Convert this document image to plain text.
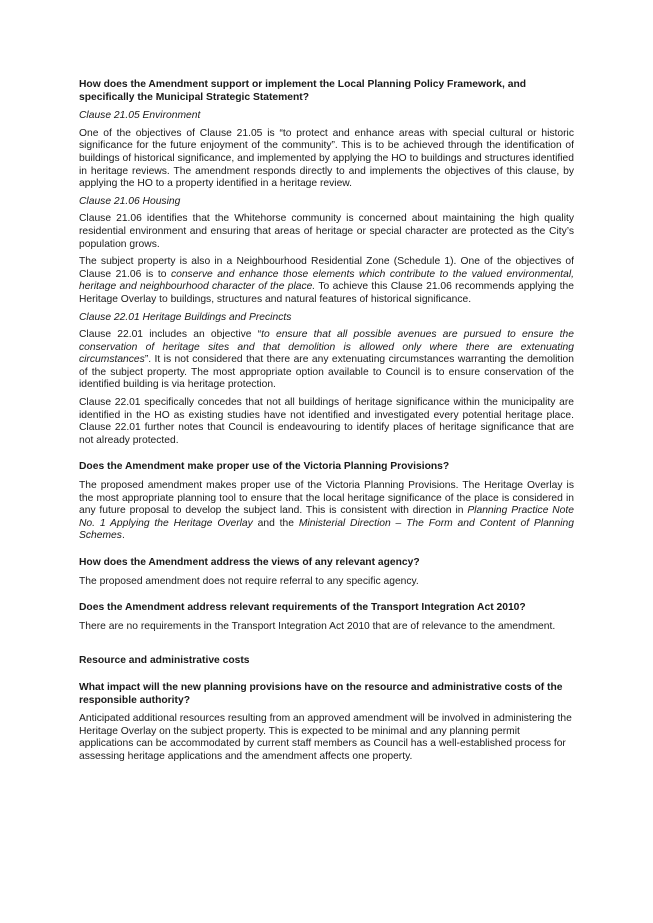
How does the Amendment support or implement the Local Planning Policy Framework, and specifically the Municipal Strategic Statement?

Clause 21.05 Environment

One of the objectives of Clause 21.05 is “to protect and enhance areas with special cultural or historic significance for the future enjoyment of the community”. This is to be achieved through the identification of buildings of historical significance, and implemented by applying the HO to buildings and structures identified in heritage reviews. The amendment responds directly to and implements the objectives of this clause, by applying the HO to a property identified in a heritage review.

Clause 21.06 Housing

Clause 21.06 identifies that the Whitehorse community is concerned about maintaining the high quality residential environment and ensuring that areas of heritage or special character are protected as the City’s population grows.

The subject property is also in a Neighbourhood Residential Zone (Schedule 1). One of the objectives of Clause 21.06 is to conserve and enhance those elements which contribute to the valued environmental, heritage and neighbourhood character of the place. To achieve this Clause 21.06 recommends applying the Heritage Overlay to buildings, structures and natural features of historical significance.

Clause 22.01 Heritage Buildings and Precincts

Clause 22.01 includes an objective “to ensure that all possible avenues are pursued to ensure the conservation of heritage sites and that demolition is allowed only where there are extenuating circumstances”. It is not considered that there are any extenuating circumstances warranting the demolition of the subject property. The most appropriate option available to Council is to ensure conservation of the identified building is via heritage protection.

Clause 22.01 specifically concedes that not all buildings of heritage significance within the municipality are identified in the HO as existing studies have not identified and investigated every potential heritage place. Clause 22.01 further notes that Council is endeavouring to identify places of heritage significance that are not already protected.

Does the Amendment make proper use of the Victoria Planning Provisions?

The proposed amendment makes proper use of the Victoria Planning Provisions. The Heritage Overlay is the most appropriate planning tool to ensure that the local heritage significance of the place is considered in any future proposal to develop the subject land. This is consistent with direction in Planning Practice Note No. 1 Applying the Heritage Overlay and the Ministerial Direction – The Form and Content of Planning Schemes.

How does the Amendment address the views of any relevant agency?

The proposed amendment does not require referral to any specific agency.

Does the Amendment address relevant requirements of the Transport Integration Act 2010?

There are no requirements in the Transport Integration Act 2010 that are of relevance to the amendment.

Resource and administrative costs
What impact will the new planning provisions have on the resource and administrative costs of the responsible authority?

Anticipated additional resources resulting from an approved amendment will be involved in administering the Heritage Overlay on the subject property. This is expected to be minimal and any planning permit applications can be accommodated by current staff members as Council has a well-established process for assessing heritage applications and the amendment affects one property.
